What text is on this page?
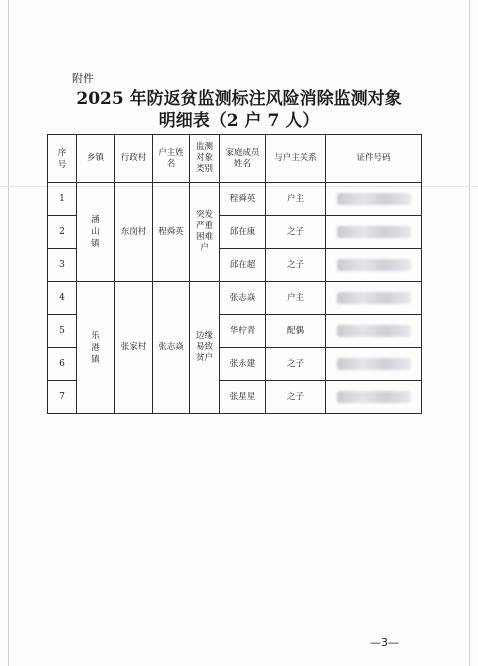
附件
2025 年防返贫监测标注风险消除监测对象
明细表（2 户 7 人）
序号	乡镇	行政村	户主姓名	监测对象类别	家庭成员姓名	与户主关系	证件号码
1	涵山镇	东岗村	程舜英	突发严重困难户	程舜英	户主	
2					邱在康	之子	
3					邱在超	之子	
4	乐港镇	张家村	张志焱	边缘易致贫户	张志焱	户主	
5					华柠青	配偶	
6					张永建	之子	
7					张星星	之子	
—3—
